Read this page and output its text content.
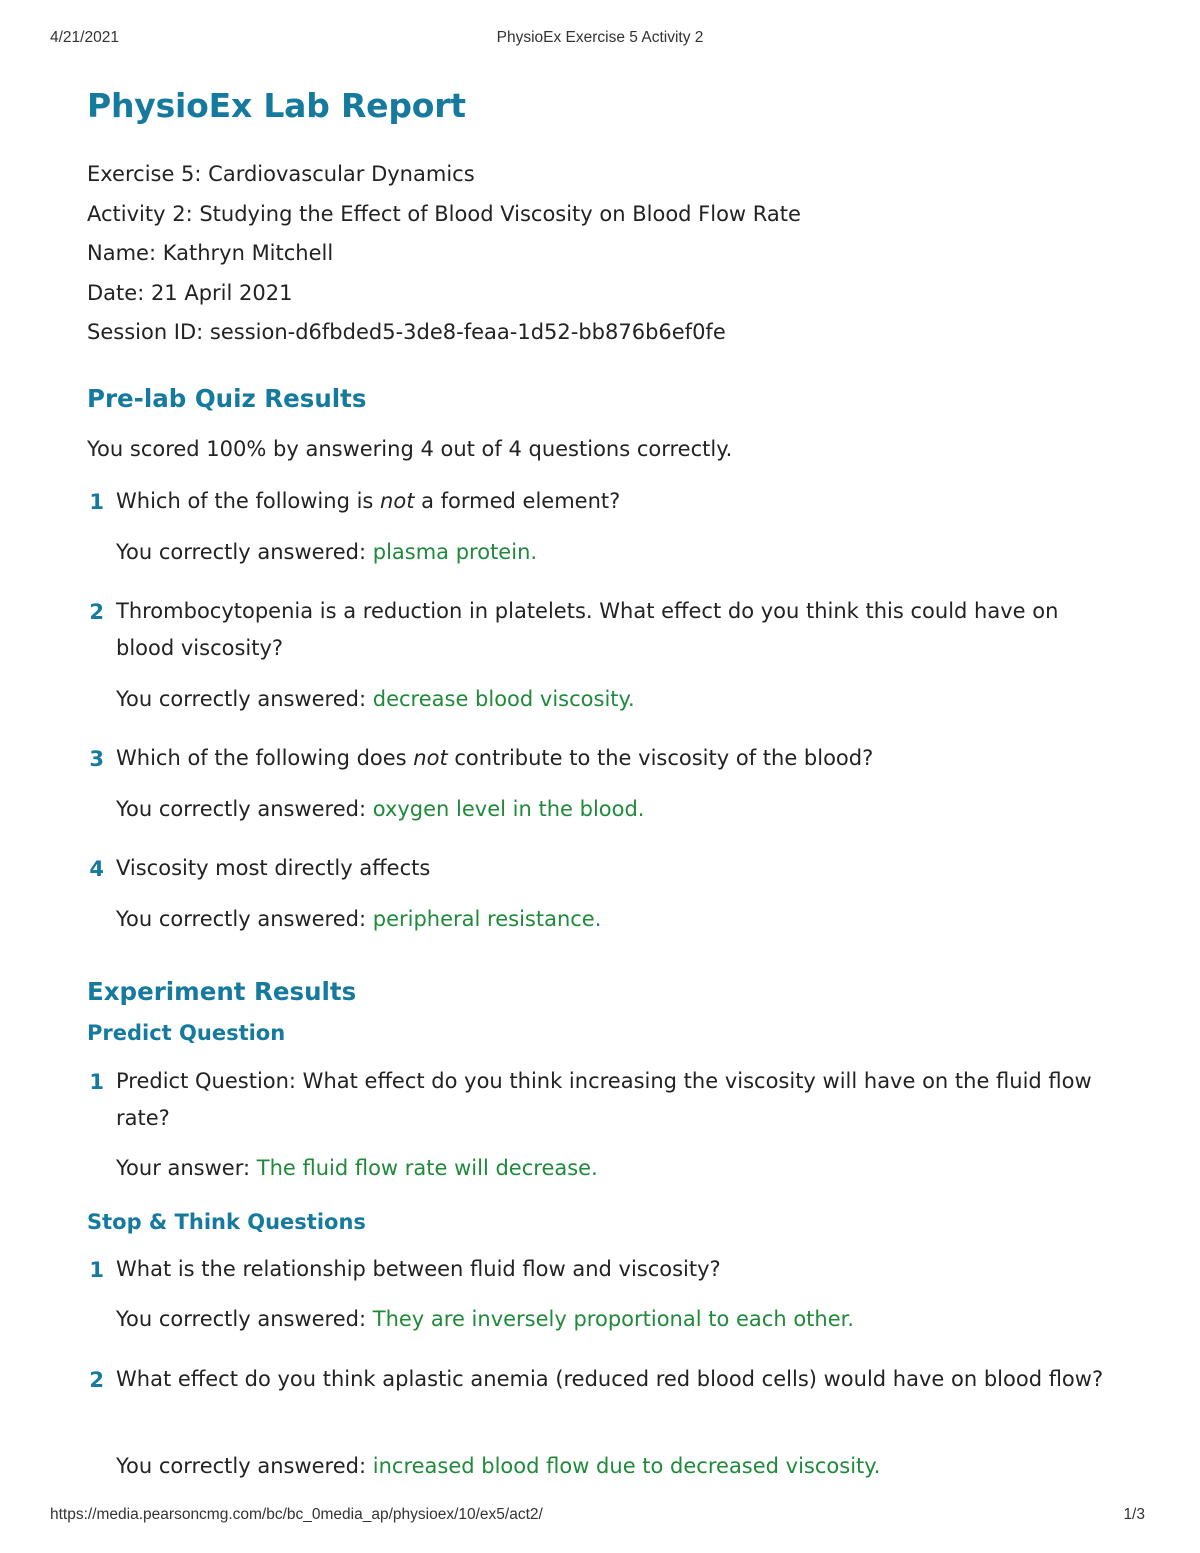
4/21/2021	PhysioEx Exercise 5 Activity 2
PhysioEx Lab Report
Exercise 5: Cardiovascular Dynamics
Activity 2: Studying the Effect of Blood Viscosity on Blood Flow Rate
Name: Kathryn Mitchell
Date: 21 April 2021
Session ID: session-d6fbded5-3de8-feaa-1d52-bb876b6ef0fe
Pre-lab Quiz Results
You scored 100% by answering 4 out of 4 questions correctly.
1 Which of the following is not a formed element?
You correctly answered: plasma protein.
2 Thrombocytopenia is a reduction in platelets. What effect do you think this could have on blood viscosity?
You correctly answered: decrease blood viscosity.
3 Which of the following does not contribute to the viscosity of the blood?
You correctly answered: oxygen level in the blood.
4 Viscosity most directly affects
You correctly answered: peripheral resistance.
Experiment Results
Predict Question
1 Predict Question: What effect do you think increasing the viscosity will have on the fluid flow rate?
Your answer: The fluid flow rate will decrease.
Stop & Think Questions
1 What is the relationship between fluid flow and viscosity?
You correctly answered: They are inversely proportional to each other.
2 What effect do you think aplastic anemia (reduced red blood cells) would have on blood flow?
You correctly answered: increased blood flow due to decreased viscosity.
https://media.pearsoncmg.com/bc/bc_0media_ap/physioex/10/ex5/act2/	1/3
